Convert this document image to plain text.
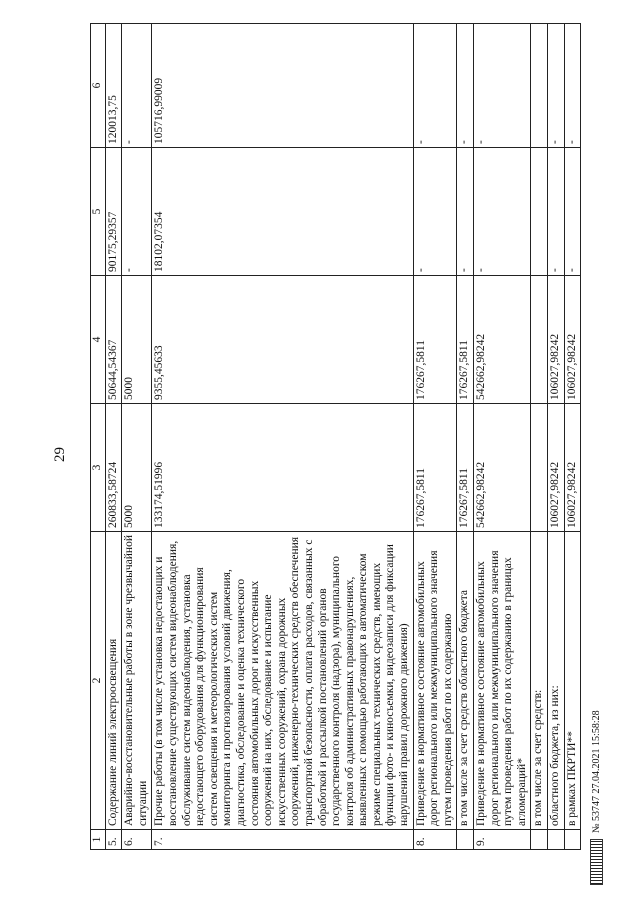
29
1	2	3	4	5	6
5.	Содержание линий электроосвещения	260833,58724	50644,54367	90175,29357	120013,75
6.	Аварийно-восстановительные работы в зоне чрезвычайной ситуации	5000	5000	-	-
7.	Прочие работы (в том числе установка недостающих и восстановление существующих систем видеонаблюдения, обслуживание систем видеонаблюдения, установка недостающего оборудования для функционирования систем освещения и метеорологических систем мониторинга и прогнозирования условий движения, диагностика, обследование и оценка технического состояния автомобильных дорог и искусственных сооружений на них, обследование и испытание искусственных сооружений, охрана дорожных сооружений, инженерно-технических средств обеспечения транспортной безопасности, оплата расходов, связанных с обработкой и рассылкой постановлений органов государственного контроля (надзора), муниципального контроля об административных правонарушениях, выявленных с помощью работающих в автоматическом режиме специальных технических средств, имеющих функции фото- и киносъемки, видеозаписи для фиксации нарушений правил дорожного движения)	133174,51996	9355,45633	18102,07354	105716,99009
8.	Приведение в нормативное состояние автомобильных дорог регионального или межмуниципального значения путем проведения работ по их содержанию	176267,5811	176267,5811	-	-
	в том числе за счет средств областного бюджета	176267,5811	176267,5811	-	-
9.	Приведение в нормативное состояние автомобильных дорог регионального или межмуниципального значения путем проведения работ по их содержанию в границах агломераций*	542662,98242	542662,98242	-	-
	в том числе за счет средств:				
	областного бюджета, из них:	106027,98242	106027,98242	-	-
	в рамках ПКРТИ**	106027,98242	106027,98242	-	-
№ 53747 27.04.2021 15:58:28
